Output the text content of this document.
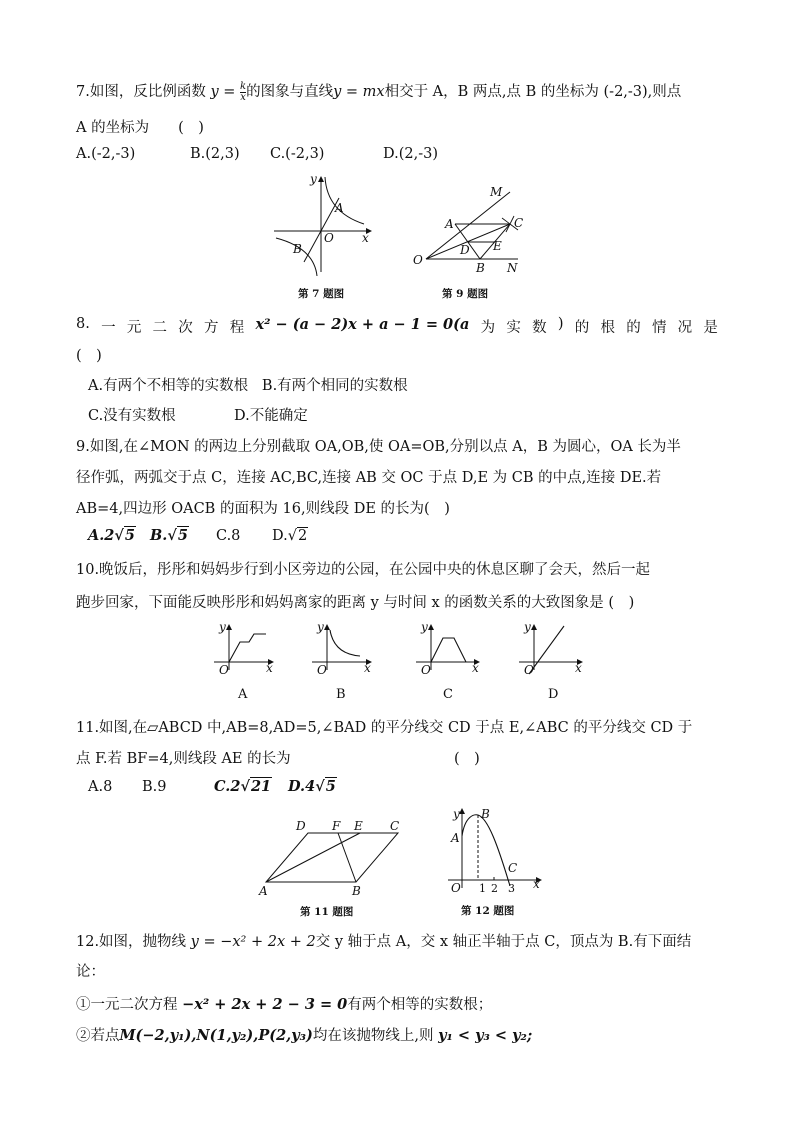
7.如图，反比例函数 $y = \frac{k}{x}$ 的图象与直线y = mx相交于 A，B 两点,点 B 的坐标为 (-2,-3),则点
A 的坐标为　　(　)
A.(-2,-3)	B.(2,3) C.(-2,3)	D.(2,-3)
y
x
O
A
B
第 7 题图
O
M
A	C
D E
B N
第 9 题图
8. 一 元 二 次 方 程 x² − (a − 2)x + a − 1 = 0(a 为 实 数 ) 的 根 的 情 况 是
(　)
A.有两个不相等的实数根 B.有两个相同的实数根
C.没有实数根	D.不能确定
9.如图,在∠MON 的两边上分别截取 OA,OB,使 OA=OB,分别以点 A，B 为圆心，OA 长为半
径作弧，两弧交于点 C，连接 AC,BC,连接 AB 交 OC 于点 D,E 为 CB 的中点,连接 DE.若
AB=4,四边形 OACB 的面积为 16,则线段 DE 的长为(　)
A.2√5 B.√5 C.8 D.√2
10.晚饭后，彤彤和妈妈步行到小区旁边的公园，在公园中央的休息区聊了会天，然后一起
跑步回家，下面能反映彤彤和妈妈离家的距离 y 与时间 x 的函数关系的大致图象是 (　)
y
x
O
A
y
x
O
B
y
x
O
C
y
x
O
D
11.如图,在▱ABCD 中,AB=8,AD=5,∠BAD 的平分线交 CD 于点 E,∠ABC 的平分线交 CD 于
点 F.若 BF=4,则线段 AE 的长为	(　)
A.8 B.9	C.2√21 D.4√5
D F E C
A	B
第 11 题图
y B
A
C
O 1 2 3 x
第 12 题图
12.如图，抛物线 y = −x² + 2x + 2交 y 轴于点 A，交 x 轴正半轴于点 C，顶点为 B.有下面结
论：
①一元二次方程 −x² + 2x + 2 − 3 = 0有两个相等的实数根；
②若点M(−2,y₁),N(1,y₂),P(2,y₃)均在该抛物线上,则 y₁ < y₃ < y₂;
